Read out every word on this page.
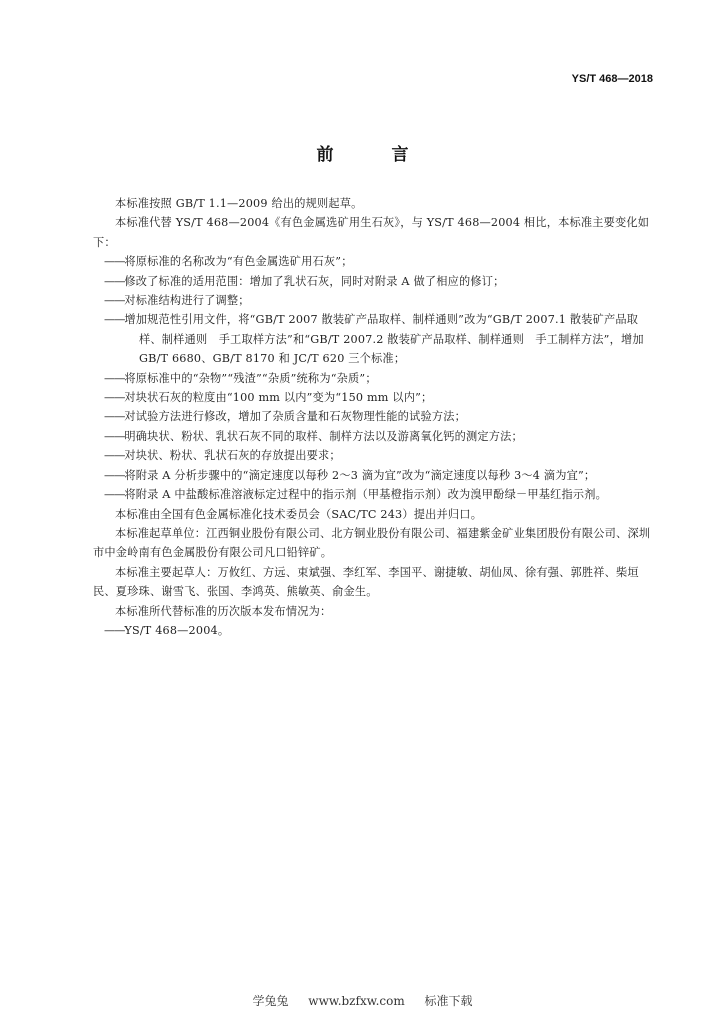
YS/T 468—2018
前 言

本标准按照 GB/T 1.1—2009 给出的规则起草。

本标准代替 YS/T 468—2004《有色金属选矿用生石灰》，与 YS/T 468—2004 相比，本标准主要变化如下：

——将原标准的名称改为“有色金属选矿用石灰”；

——修改了标准的适用范围：增加了乳状石灰，同时对附录 A 做了相应的修订；

——对标准结构进行了调整；

——增加规范性引用文件，将“GB/T 2007 散装矿产品取样、制样通则”改为“GB/T 2007.1 散装矿产品取样、制样通则　手工取样方法”和“GB/T 2007.2 散装矿产品取样、制样通则　手工制样方法”，增加 GB/T 6680、GB/T 8170 和 JC/T 620 三个标准；

——将原标准中的“杂物”“残渣”“杂质”统称为“杂质”；

——对块状石灰的粒度由“100 mm 以内”变为“150 mm 以内”；

——对试验方法进行修改，增加了杂质含量和石灰物理性能的试验方法；

——明确块状、粉状、乳状石灰不同的取样、制样方法以及游离氧化钙的测定方法；

——对块状、粉状、乳状石灰的存放提出要求；

——将附录 A 分析步骤中的“滴定速度以每秒 2～3 滴为宜”改为“滴定速度以每秒 3～4 滴为宜”；

——将附录 A 中盐酸标准溶液标定过程中的指示剂（甲基橙指示剂）改为溴甲酚绿－甲基红指示剂。

本标准由全国有色金属标准化技术委员会（SAC/TC 243）提出并归口。

本标准起草单位：江西铜业股份有限公司、北方铜业股份有限公司、福建紫金矿业集团股份有限公司、深圳市中金岭南有色金属股份有限公司凡口铅锌矿。

本标准主要起草人：万攸红、方远、束斌强、李红军、李国平、谢捷敏、胡仙凤、徐有强、郭胜祥、柴垣民、夏珍珠、谢雪飞、张国、李鸿英、熊敏英、俞金生。

本标准所代替标准的历次版本发布情况为：

——YS/T 468—2004。

学兔兔 www.bzfxw.com 标准下载
